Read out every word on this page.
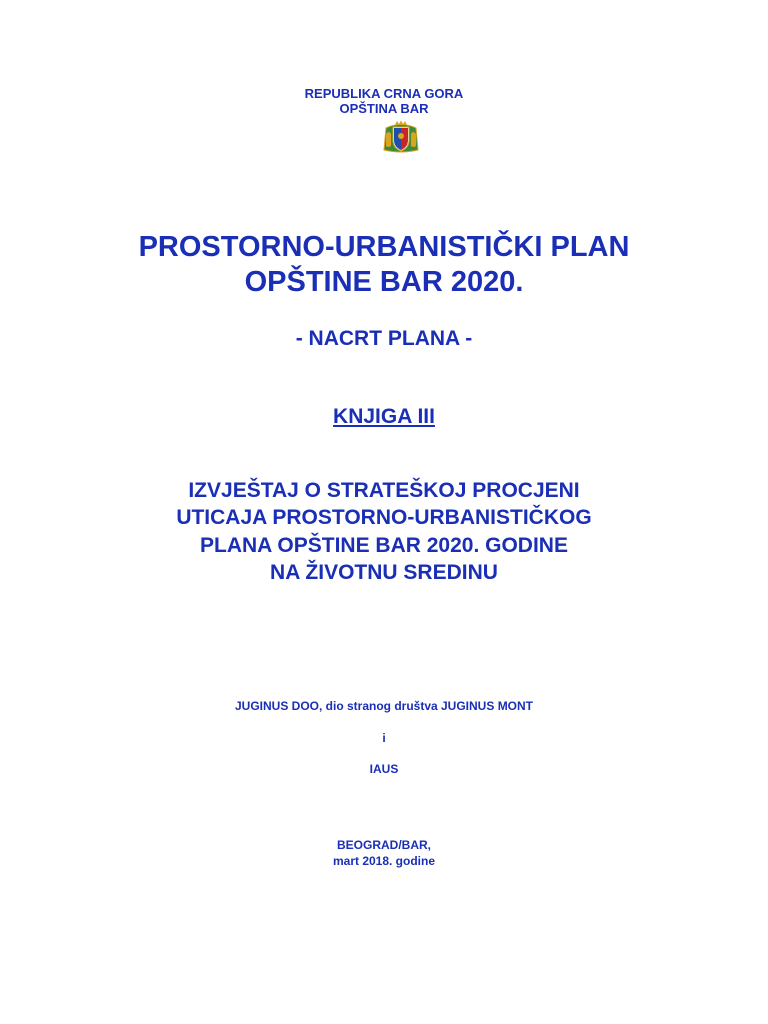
REPUBLIKA CRNA GORA
OPŠTINA BAR
PROSTORNO-URBANISTIČKI PLAN
OPŠTINE BAR 2020.
- NACRT PLANA -
KNJIGA III
IZVJEŠTAJ O STRATEŠKOJ PROCJENI
UTICAJA PROSTORNO-URBANISTIČKOG
PLANA OPŠTINE BAR 2020. GODINE
NA ŽIVOTNU SREDINU
JUGINUS DOO, dio stranog društva JUGINUS MONT
i
IAUS
BEOGRAD/BAR,
mart 2018. godine
